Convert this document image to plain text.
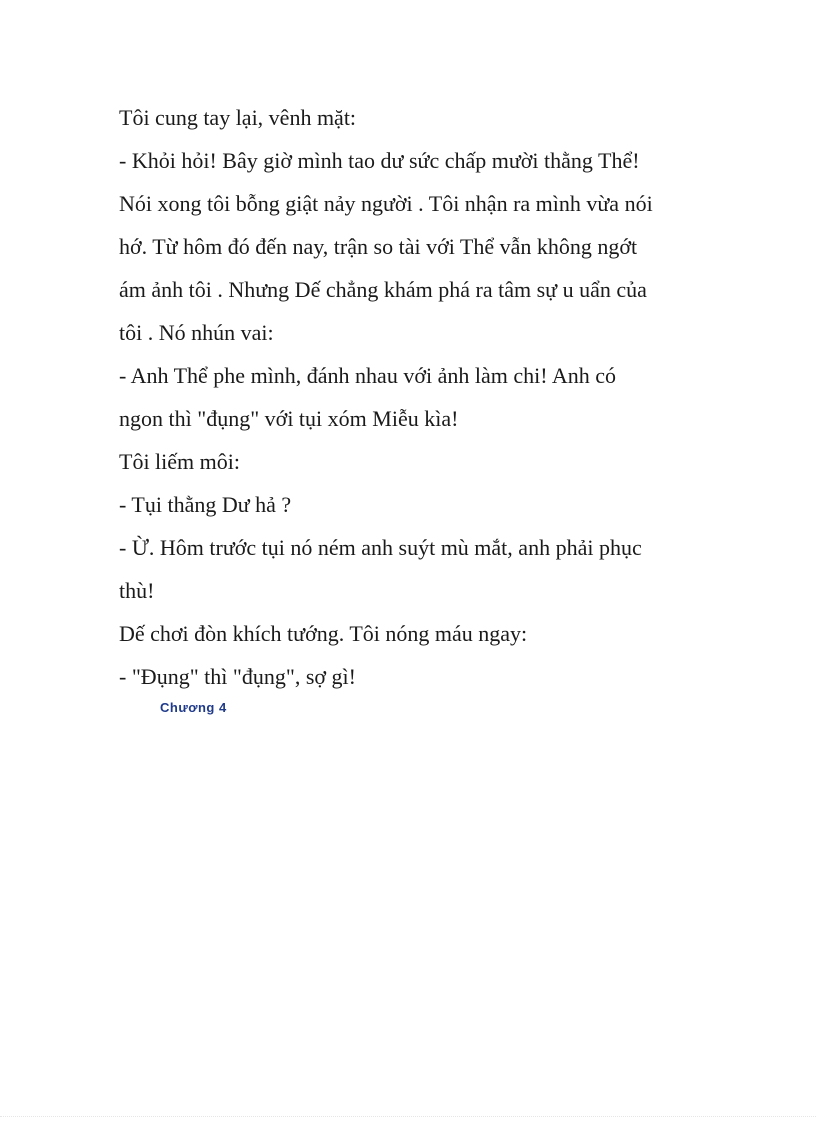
Tôi cung tay lại, vênh mặt:
- Khỏi hỏi! Bây giờ mình tao dư sức chấp mười thằng Thể!
Nói xong tôi bỗng giật nảy người . Tôi nhận ra mình vừa nói
hớ. Từ hôm đó đến nay, trận so tài với Thể vẫn không ngớt
ám ảnh tôi . Nhưng Dế chẳng khám phá ra tâm sự u uẩn của
tôi . Nó nhún vai:
- Anh Thể phe mình, đánh nhau với ảnh làm chi! Anh có
ngon thì "đụng" với tụi xóm Miễu kìa!
Tôi liếm môi:
- Tụi thằng Dư hả ?
- Ừ. Hôm trước tụi nó ném anh suýt mù mắt, anh phải phục
thù!
Dế chơi đòn khích tướng. Tôi nóng máu ngay:
- "Đụng" thì "đụng", sợ gì!
Chương 4
